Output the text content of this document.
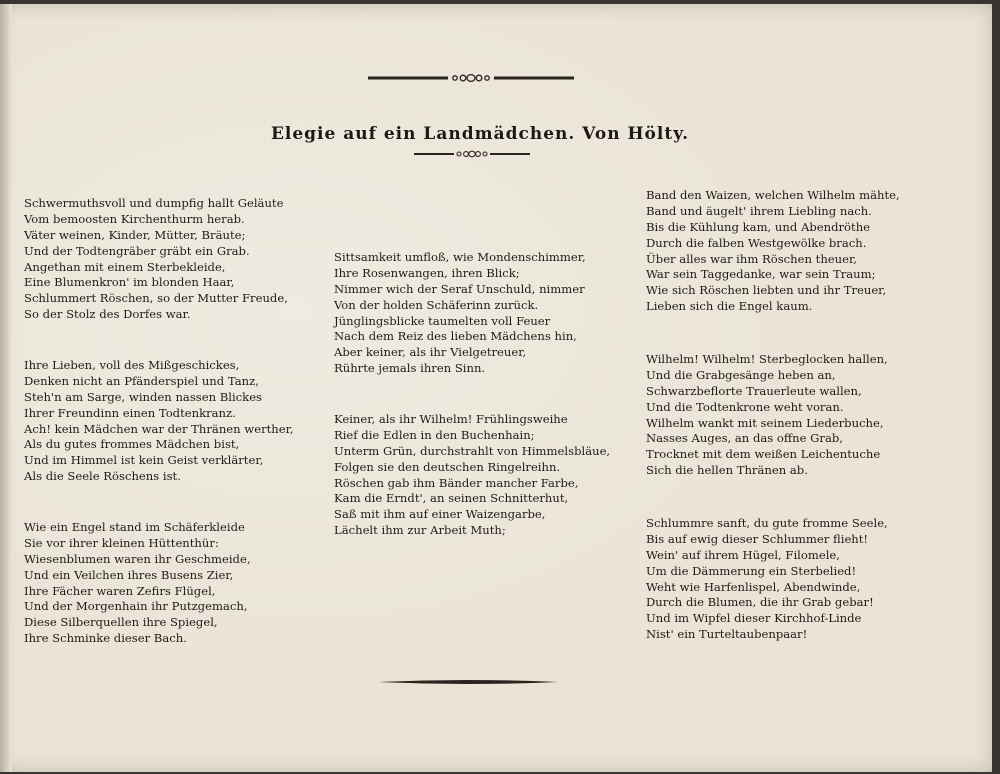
Elegie auf ein Landmädchen. Von Hölty.
Schwermuthsvoll und dumpfig hallt Geläute
Vom bemoosten Kirchenthurm herab.
Väter weinen, Kinder, Mütter, Bräute;
Und der Todtengräber gräbt ein Grab.
Angethan mit einem Sterbekleide,
Eine Blumenkron' im blonden Haar,
Schlummert Röschen, so der Mutter Freude,
So der Stolz des Dorfes war.
Ihre Lieben, voll des Mißgeschickes,
Denken nicht an Pfänderspiel und Tanz,
Steh'n am Sarge, winden nassen Blickes
Ihrer Freundinn einen Todtenkranz.
Ach! kein Mädchen war der Thränen werther,
Als du gutes frommes Mädchen bist,
Und im Himmel ist kein Geist verklärter,
Als die Seele Röschens ist.
Wie ein Engel stand im Schäferkleide
Sie vor ihrer kleinen Hüttenthür:
Wiesenblumen waren ihr Geschmeide,
Und ein Veilchen ihres Busens Zier,
Ihre Fächer waren Zefirs Flügel,
Und der Morgenhain ihr Putzgemach,
Diese Silberquellen ihre Spiegel,
Ihre Schminke dieser Bach.
Sittsamkeit umfloß, wie Mondenschimmer,
Ihre Rosenwangen, ihren Blick;
Nimmer wich der Seraf Unschuld, nimmer
Von der holden Schäferinn zurück.
Jünglingsblicke taumelten voll Feuer
Nach dem Reiz des lieben Mädchens hin,
Aber keiner, als ihr Vielgetreuer,
Rührte jemals ihren Sinn.
Keiner, als ihr Wilhelm! Frühlingsweihe
Rief die Edlen in den Buchenhain;
Unterm Grün, durchstrahlt von Himmelsbläue,
Folgen sie den deutschen Ringelreihn.
Röschen gab ihm Bänder mancher Farbe,
Kam die Erndt', an seinen Schnitterhut,
Saß mit ihm auf einer Waizengarbe,
Lächelt ihm zur Arbeit Muth;
Band den Waizen, welchen Wilhelm mähte,
Band und äugelt' ihrem Liebling nach.
Bis die Kühlung kam, und Abendröthe
Durch die falben Westgewölke brach.
Über alles war ihm Röschen theuer,
War sein Taggedanke, war sein Traum;
Wie sich Röschen liebten und ihr Treuer,
Lieben sich die Engel kaum.
Wilhelm! Wilhelm! Sterbeglocken hallen,
Und die Grabgesänge heben an,
Schwarzbeflorte Trauerleute wallen,
Und die Todtenkrone weht voran.
Wilhelm wankt mit seinem Liederbuche,
Nasses Auges, an das offne Grab,
Trocknet mit dem weißen Leichentuche
Sich die hellen Thränen ab.
Schlummre sanft, du gute fromme Seele,
Bis auf ewig dieser Schlummer flieht!
Wein' auf ihrem Hügel, Filomele,
Um die Dämmerung ein Sterbelied!
Weht wie Harfenlispel, Abendwinde,
Durch die Blumen, die ihr Grab gebar!
Und im Wipfel dieser Kirchhof-Linde
Nist' ein Turteltaubenpaar!
